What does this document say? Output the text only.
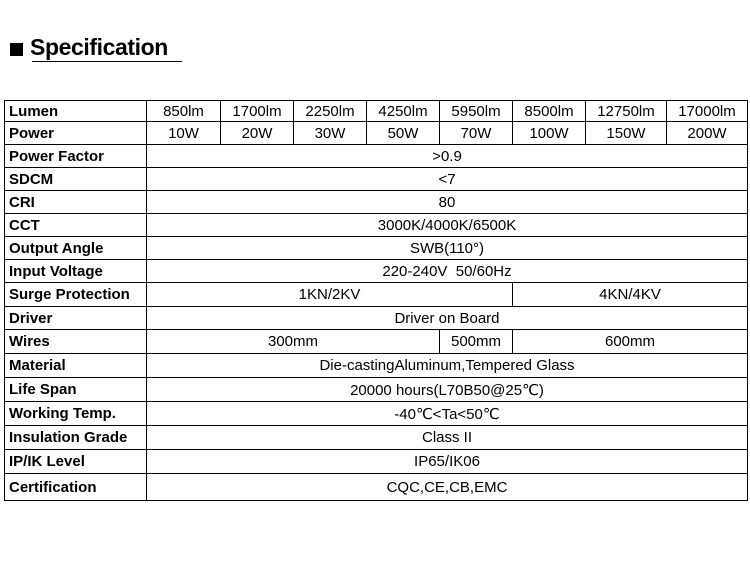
Specification
Lumen	850lm	1700lm	2250lm	4250lm	5950lm	8500lm	12750lm	17000lm
Power	10W	20W	30W	50W	70W	100W	150W	200W
Power Factor	>0.9							
SDCM	<7							
CRI	80							
CCT	3000K/4000K/6500K							
Output Angle	SWB(110°)							
Input Voltage	220-240V  50/60Hz							
Surge Protection	1KN/2KV					4KN/4KV		
Driver	Driver on Board							
Wires	300mm				500mm	600mm		
Material	Die-castingAluminum,Tempered Glass							
Life Span	20000 hours(L70B50@25℃)							
Working Temp.	-40℃<Ta<50℃							
Insulation Grade	Class II							
IP/IK Level	IP65/IK06							
Certification	CQC,CE,CB,EMC							
